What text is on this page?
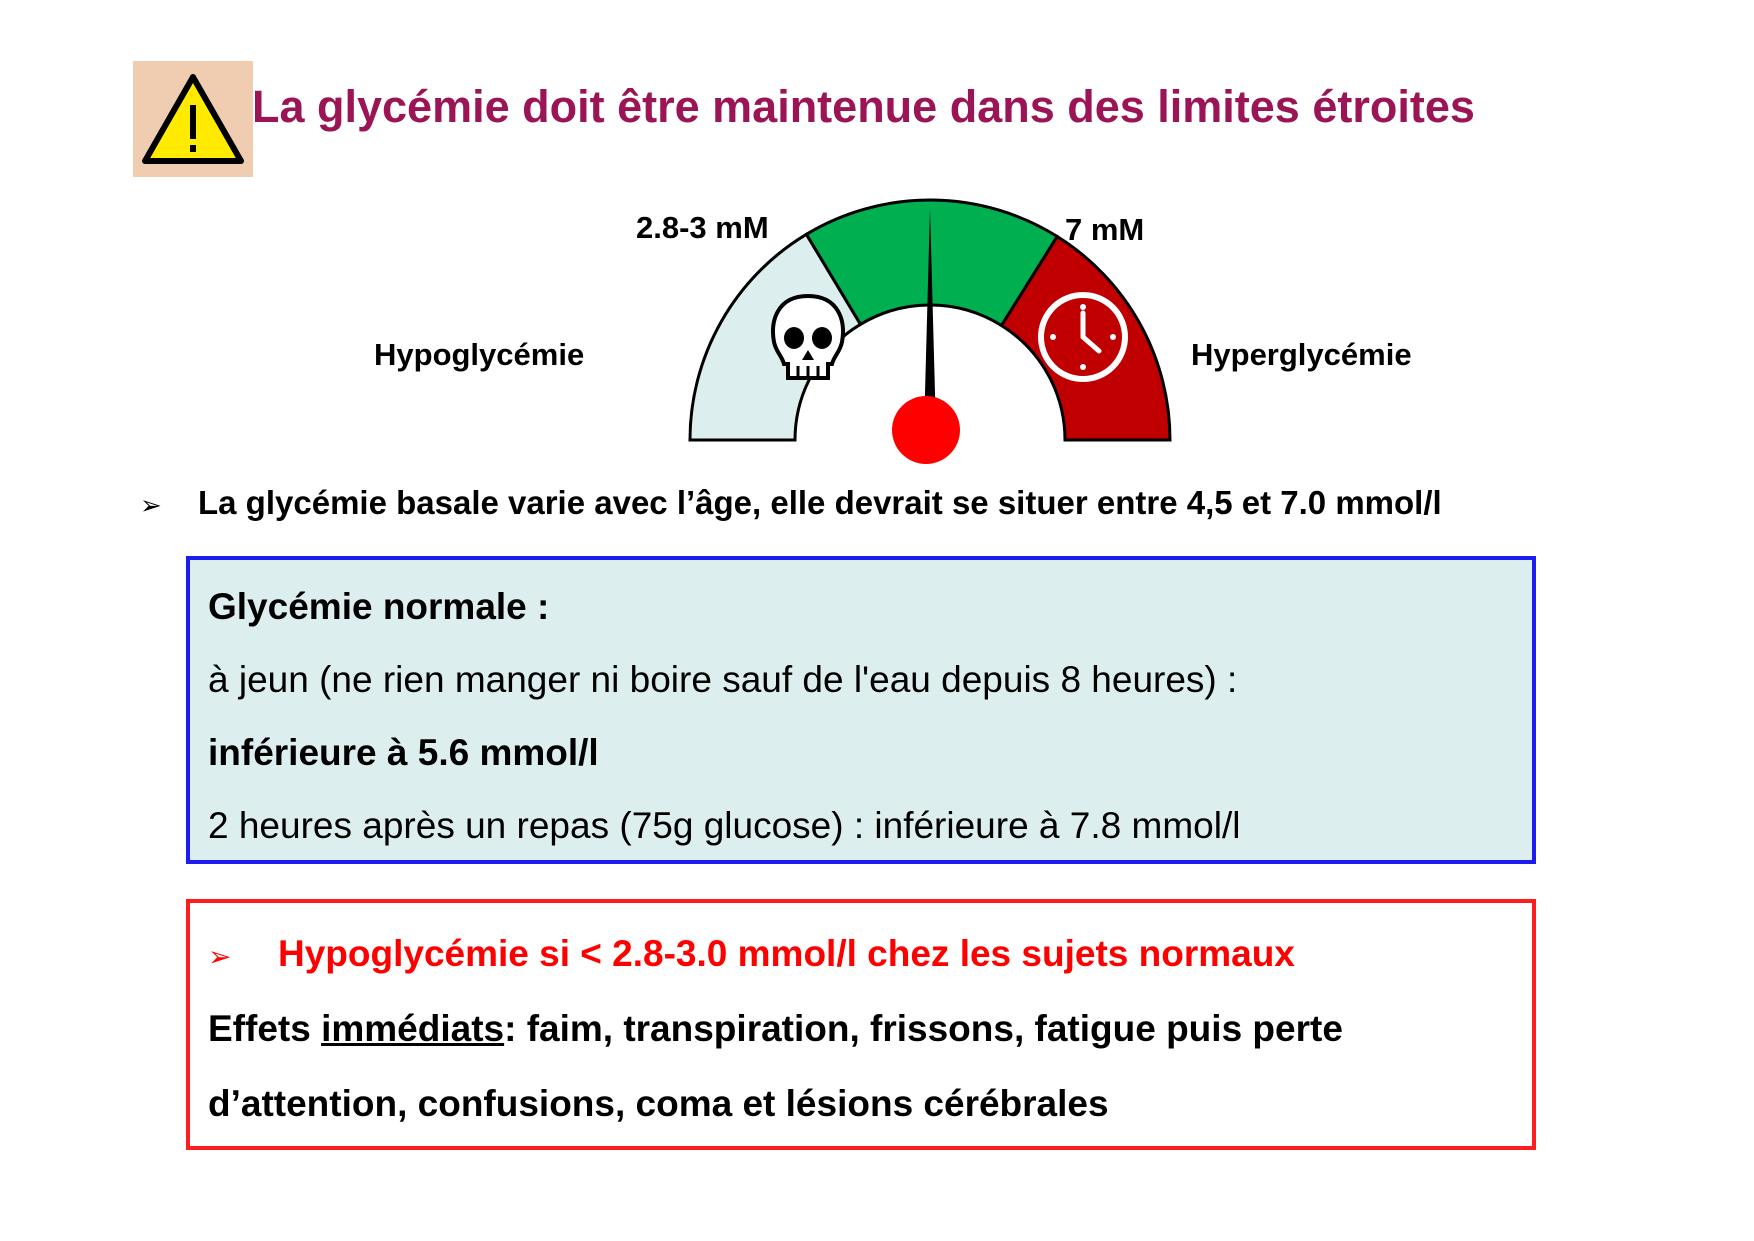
La glycémie doit être maintenue dans des limites étroites
2.8-3 mM	7 mM
Hypoglycémie	Hyperglycémie
➢ La glycémie basale varie avec l’âge, elle devrait se situer entre 4,5 et 7.0 mmol/l
Glycémie normale :
à jeun (ne rien manger ni boire sauf de l'eau depuis 8 heures) :
inférieure à 5.6 mmol/l
2 heures après un repas (75g glucose) : inférieure à 7.8 mmol/l
➢ Hypoglycémie si < 2.8-3.0 mmol/l chez les sujets normaux
Effets immédiats: faim, transpiration, frissons, fatigue puis perte
d’attention, confusions, coma et lésions cérébrales
